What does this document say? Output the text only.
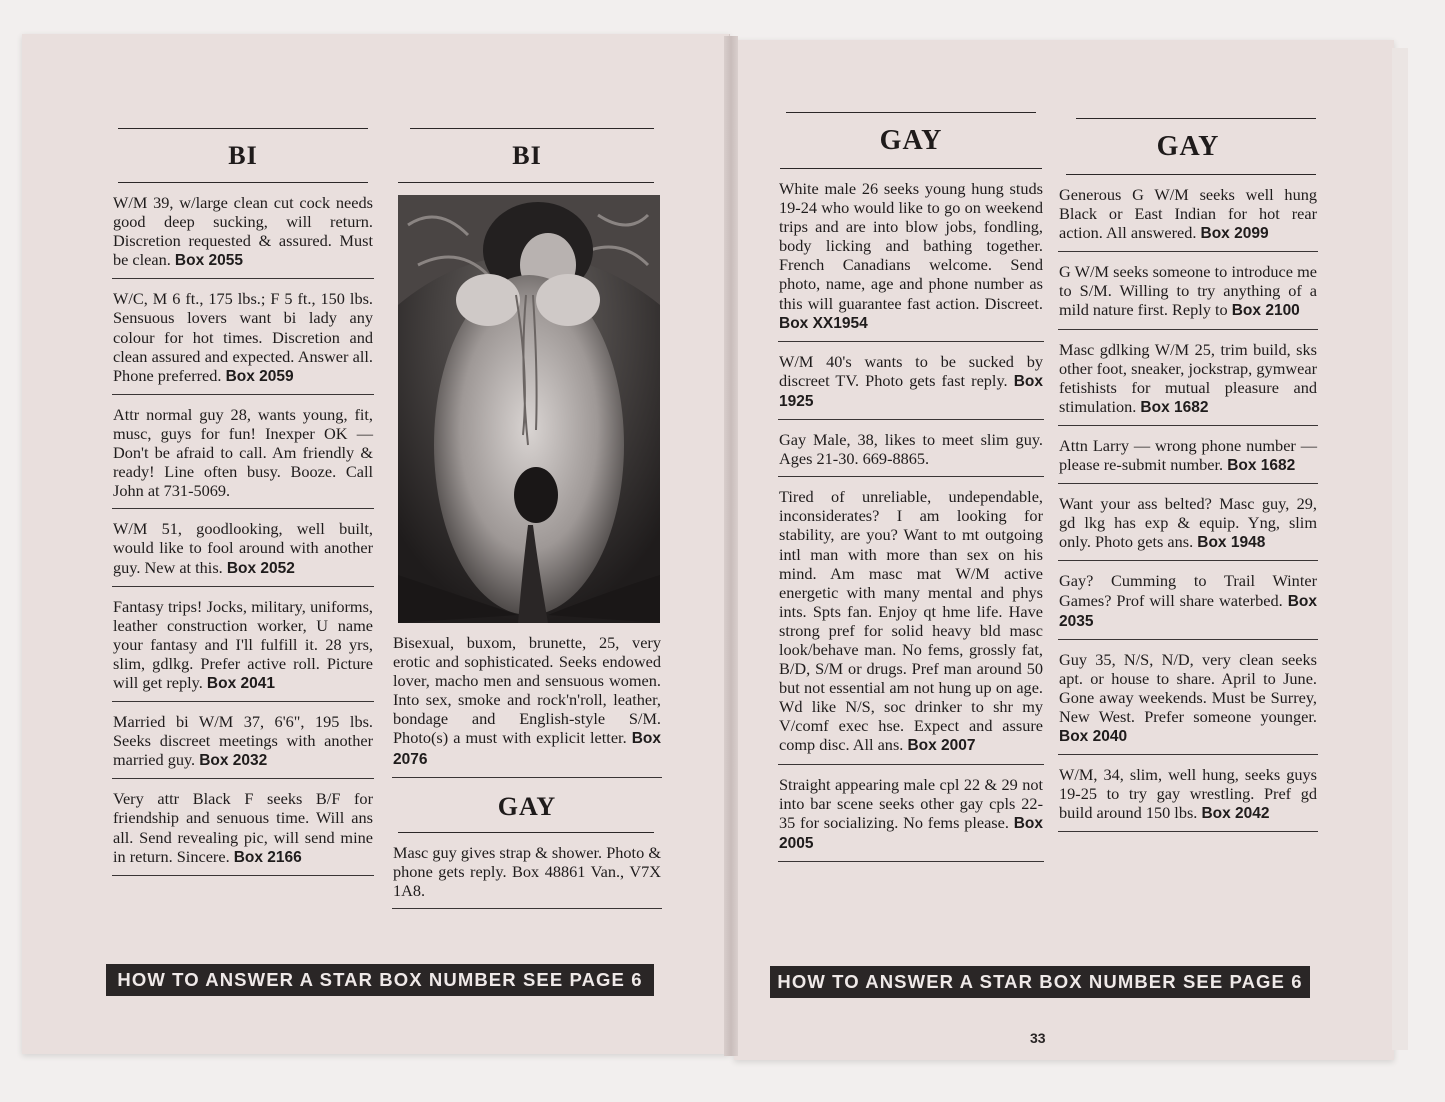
BI
W/M 39, w/large clean cut cock needs good deep sucking, will return. Discretion requested & assured. Must be clean. Box 2055
W/C, M 6 ft., 175 lbs.; F 5 ft., 150 lbs. Sensuous lovers want bi lady any colour for hot times. Discretion and clean assured and expected. Answer all. Phone preferred. Box 2059
Attr normal guy 28, wants young, fit, musc, guys for fun! Inexper OK — Don't be afraid to call. Am friendly & ready! Line often busy. Booze. Call John at 731-5069.
W/M 51, goodlooking, well built, would like to fool around with another guy. New at this. Box 2052
Fantasy trips! Jocks, military, uniforms, leather construction worker, U name your fantasy and I'll fulfill it. 28 yrs, slim, gdlkg. Prefer active roll. Picture will get reply. Box 2041
Married bi W/M 37, 6'6", 195 lbs. Seeks discreet meetings with another married guy. Box 2032
Very attr Black F seeks B/F for friendship and senuous time. Will ans all. Send revealing pic, will send mine in return. Sincere. Box 2166
BI
Bisexual, buxom, brunette, 25, very erotic and sophisticated. Seeks endowed lover, macho men and sensuous women. Into sex, smoke and rock'n'roll, leather, bondage and English-style S/M. Photo(s) a must with explicit letter. Box 2076
GAY
Masc guy gives strap & shower. Photo & phone gets reply. Box 48861 Van., V7X 1A8.
HOW TO ANSWER A STAR BOX NUMBER SEE PAGE 6
GAY
White male 26 seeks young hung studs 19-24 who would like to go on weekend trips and are into blow jobs, fondling, body licking and bathing together. French Canadians welcome. Send photo, name, age and phone number as this will guarantee fast action. Discreet. Box XX1954
W/M 40's wants to be sucked by discreet TV. Photo gets fast reply. Box 1925
Gay Male, 38, likes to meet slim guy. Ages 21-30. 669-8865.
Tired of unreliable, undependable, inconsiderates? I am looking for stability, are you? Want to mt outgoing intl man with more than sex on his mind. Am masc mat W/M active energetic with many mental and phys ints. Spts fan. Enjoy qt hme life. Have strong pref for solid heavy bld masc look/behave man. No fems, grossly fat, B/D, S/M or drugs. Pref man around 50 but not essential am not hung up on age. Wd like N/S, soc drinker to shr my V/comf exec hse. Expect and assure comp disc. All ans. Box 2007
Straight appearing male cpl 22 & 29 not into bar scene seeks other gay cpls 22-35 for socializing. No fems please. Box 2005
GAY
Generous G W/M seeks well hung Black or East Indian for hot rear action. All answered. Box 2099
G W/M seeks someone to introduce me to S/M. Willing to try anything of a mild nature first. Reply to Box 2100
Masc gdlking W/M 25, trim build, sks other foot, sneaker, jockstrap, gymwear fetishists for mutual pleasure and stimulation. Box 1682
Attn Larry — wrong phone number — please re-submit number. Box 1682
Want your ass belted? Masc guy, 29, gd lkg has exp & equip. Yng, slim only. Photo gets ans. Box 1948
Gay? Cumming to Trail Winter Games? Prof will share waterbed. Box 2035
Guy 35, N/S, N/D, very clean seeks apt. or house to share. April to June. Gone away weekends. Must be Surrey, New West. Prefer someone younger. Box 2040
W/M, 34, slim, well hung, seeks guys 19-25 to try gay wrestling. Pref gd build around 150 lbs. Box 2042
HOW TO ANSWER A STAR BOX NUMBER SEE PAGE 6
33
